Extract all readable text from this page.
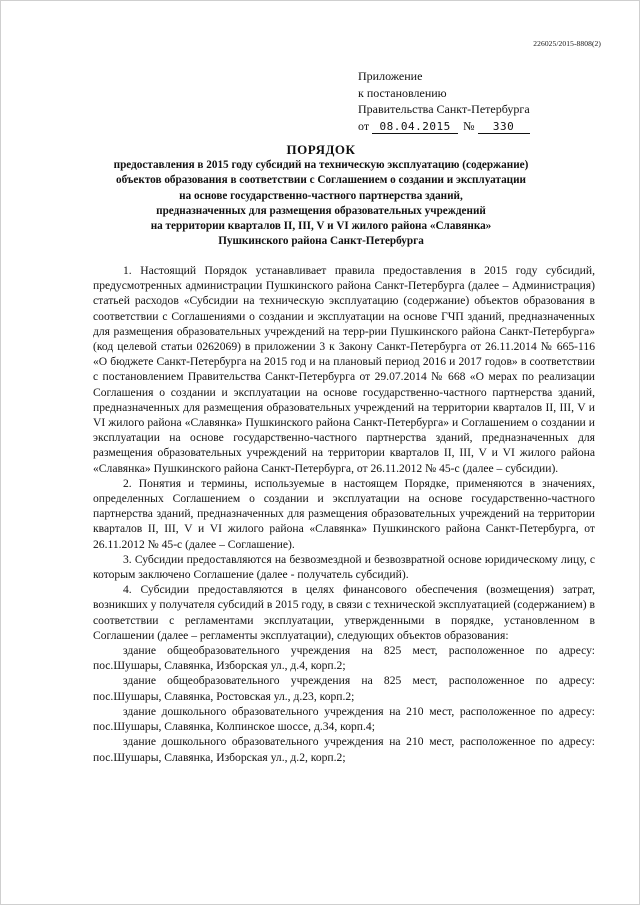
226025/2015-8808(2)
Приложение
к постановлению
Правительства Санкт-Петербурга
от 08.04.2015 № 330
ПОРЯДОК
предоставления в 2015 году субсидий на техническую эксплуатацию (содержание)
объектов образования в соответствии с Соглашением о создании и эксплуатации
на основе государственно-частного партнерства зданий,
предназначенных для размещения образовательных учреждений
на территории кварталов II, III, V и VI жилого района «Славянка»
Пушкинского района Санкт-Петербурга

1. Настоящий Порядок устанавливает правила предоставления в 2015 году субсидий, предусмотренных администрации Пушкинского района Санкт-Петербурга (далее – Администрация) статьей расходов «Субсидии на техническую эксплуатацию (содержание) объектов образования в соответствии с Соглашениями о создании и эксплуатации на основе ГЧП зданий, предназначенных для размещения образовательных учреждений на терр-рии Пушкинского района Санкт-Петербурга» (код целевой статьи 0262069) в приложении 3 к Закону Санкт-Петербурга от 26.11.2014 № 665-116 «О бюджете Санкт-Петербурга на 2015 год и на плановый период 2016 и 2017 годов» в соответствии с постановлением Правительства Санкт-Петербурга от 29.07.2014 № 668 «О мерах по реализации Соглашения о создании и эксплуатации на основе государственно-частного партнерства зданий, предназначенных для размещения образовательных учреждений на территории кварталов II, III, V и VI жилого района «Славянка» Пушкинского района Санкт-Петербурга» и Соглашением о создании и эксплуатации на основе государственно-частного партнерства зданий, предназначенных для размещения образовательных учреждений на территории кварталов II, III, V и VI жилого района «Славянка» Пушкинского района Санкт-Петербурга, от 26.11.2012 № 45-с (далее – субсидии).

2. Понятия и термины, используемые в настоящем Порядке, применяются в значениях, определенных Соглашением о создании и эксплуатации на основе государственно-частного партнерства зданий, предназначенных для размещения образовательных учреждений на территории кварталов II, III, V и VI жилого района «Славянка» Пушкинского района Санкт-Петербурга, от 26.11.2012 № 45-с (далее – Соглашение).

3. Субсидии предоставляются на безвозмездной и безвозвратной основе юридическому лицу, с которым заключено Соглашение (далее - получатель субсидий).

4. Субсидии предоставляются в целях финансового обеспечения (возмещения) затрат, возникших у получателя субсидий в 2015 году, в связи с технической эксплуатацией (содержанием) в соответствии с регламентами эксплуатации, утвержденными в порядке, установленном в Соглашении (далее – регламенты эксплуатации), следующих объектов образования:

здание общеобразовательного учреждения на 825 мест, расположенное по адресу: пос.Шушары, Славянка, Изборская ул., д.4, корп.2;

здание общеобразовательного учреждения на 825 мест, расположенное по адресу: пос.Шушары, Славянка, Ростовская ул., д.23, корп.2;

здание дошкольного образовательного учреждения на 210 мест, расположенное по адресу: пос.Шушары, Славянка, Колпинское шоссе, д.34, корп.4;

здание дошкольного образовательного учреждения на 210 мест, расположенное по адресу: пос.Шушары, Славянка, Изборская ул., д.2, корп.2;
